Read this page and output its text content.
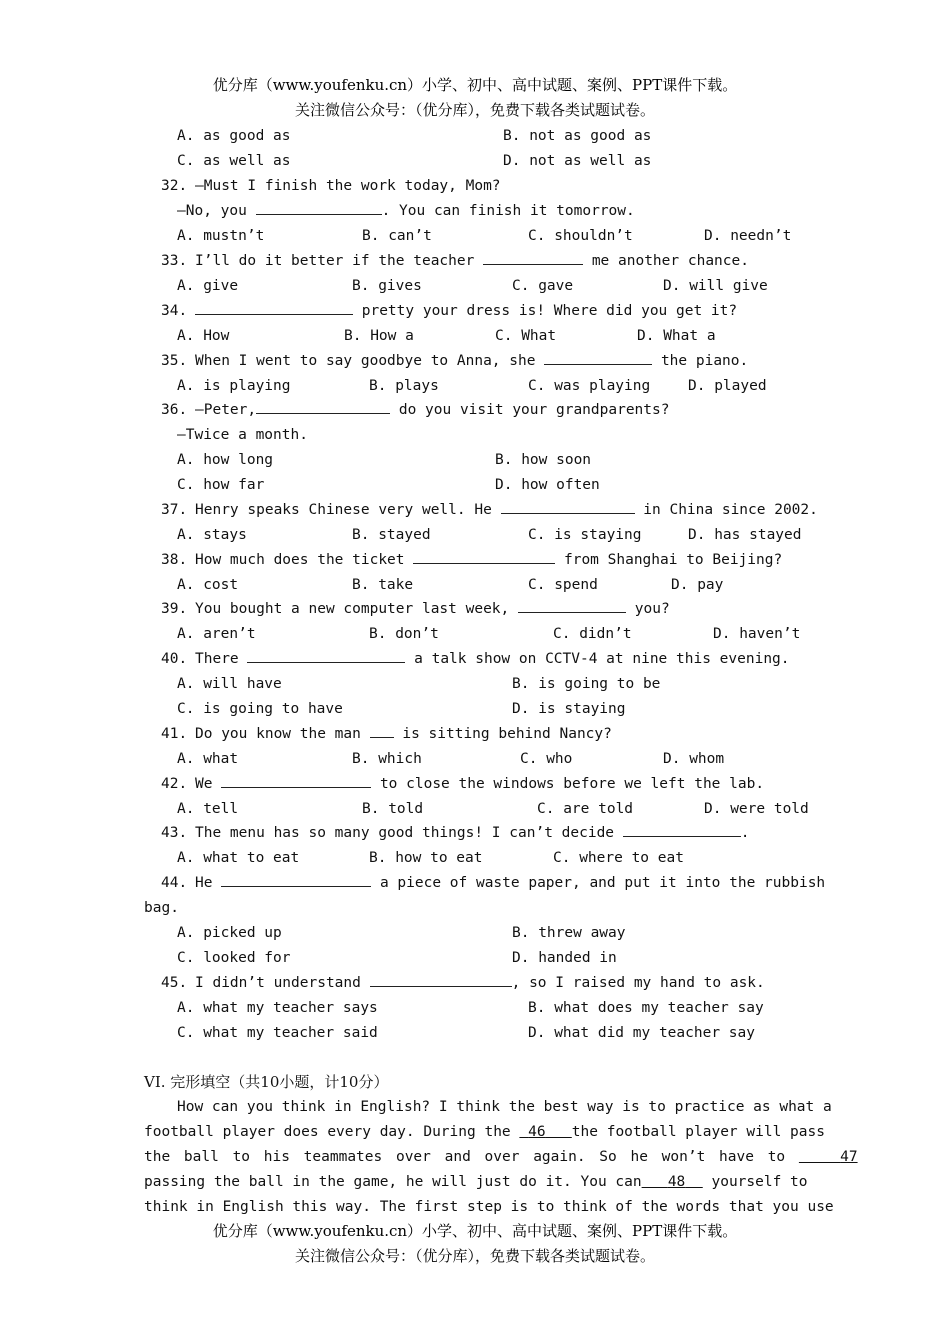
优分库（www.youfenku.cn）小学、初中、高中试题、案例、PPT课件下载。
关注微信公众号：（优分库），免费下载各类试题试卷。
A. as good as	B. not as good as
C. as well as	D. not as well as
32. —Must I finish the work today, Mom?
—No, you	. You can finish it tomorrow.
A. mustn’t	B. can’t	C. shouldn’t	D. needn’t
33. I’ll do it better if the teacher	me another chance.
A. give	B. gives	C. gave	D. will give
34.	pretty your dress is! Where did you get it?
A. How	B. How a	C. What	D. What a
35. When I went to say goodbye to Anna, she	the piano.
A. is playing	B. plays	C. was playing	D. played
36. —Peter,	do you visit your grandparents?
—Twice a month.
A. how long	B. how soon
C. how far	D. how often
37. Henry speaks Chinese very well. He	in China since 2002.
A. stays	B. stayed	C. is staying	D. has stayed
38. How much does the ticket	from Shanghai to Beijing?
A. cost	B. take	C. spend	D. pay
39. You bought a new computer last week,	you?
A. aren’t	B. don’t	C. didn’t	D. haven’t
40. There	a talk show on CCTV-4 at nine this evening.
A. will have	B. is going to be
C. is going to have	D. is staying
41. Do you know the man	is sitting behind Nancy?
A. what	B. which	C. who	D. whom
42. We	to close the windows before we left the lab.
A. tell	B. told	C. are told	D. were told
43. The menu has so many good things! I can’t decide	.
A. what to eat	B. how to eat	C. where to eat
44. He	a piece of waste paper, and put it into the rubbish
bag.
A. picked up	B. threw away
C. looked for	D. handed in
45. I didn’t understand	, so I raised my hand to ask.
A. what my teacher says	B. what does my teacher say
C. what my teacher said	D. what did my teacher say
VI. 完形填空（共10小题，计10分）
How can you think in English? I think the best way is to practice as what a
football player does every day. During the 46 the football player will pass
the ball to his teammates over and over again. So he won’t have to	47
passing the ball in the game, he will just do it. You can 48 yourself to
think in English this way. The first step is to think of the words that you use
优分库（www.youfenku.cn）小学、初中、高中试题、案例、PPT课件下载。
关注微信公众号：（优分库），免费下载各类试题试卷。
